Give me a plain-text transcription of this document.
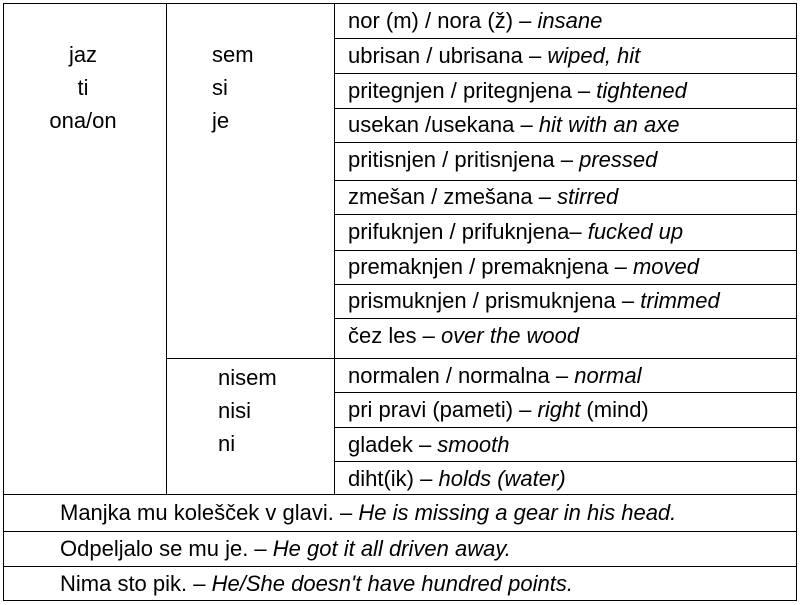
jaz
ti
ona/on
sem
si
je
nisem
nisi
ni
nor (m) / nora (ž) – insane
ubrisan / ubrisana – wiped, hit
pritegnjen / pritegnjena – tightened
usekan /usekana – hit with an axe
pritisnjen / pritisnjena – pressed
zmešan / zmešana – stirred
prifuknjen / prifuknjena– fucked up
premaknjen / premaknjena – moved
prismuknjen / prismuknjena – trimmed
čez les – over the wood
normalen / normalna – normal
pri pravi (pameti) – right (mind)
gladek – smooth
diht(ik) – holds (water)
Manjka mu kolešček v glavi. – He is missing a gear in his head.
Odpeljalo se mu je. – He got it all driven away.
Nima sto pik. – He/She doesn't have hundred points.
